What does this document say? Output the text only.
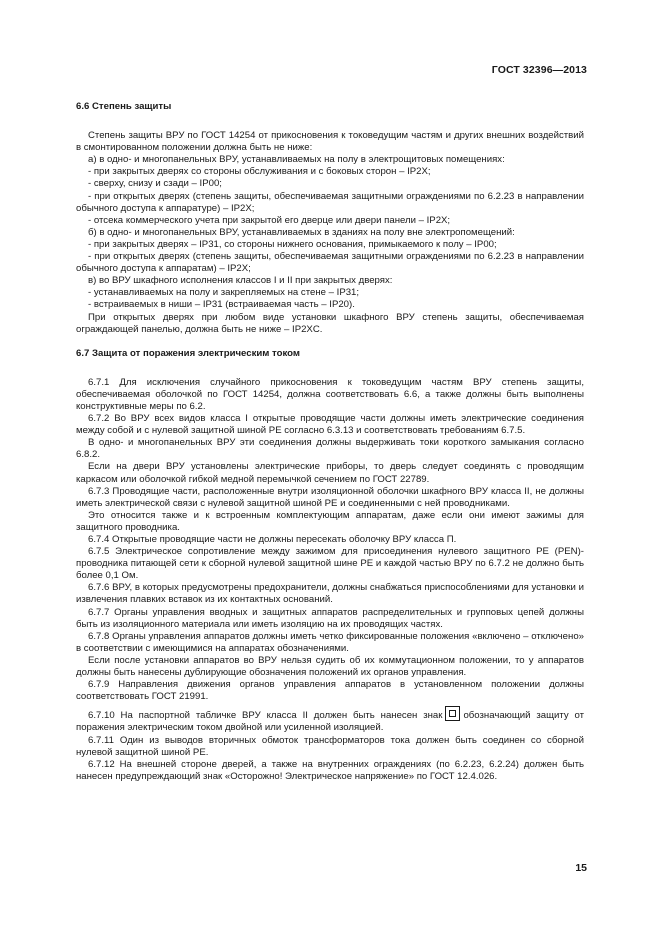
ГОСТ 32396—2013
6.6 Степень защиты

Степень защиты ВРУ по ГОСТ 14254 от прикосновения к токоведущим частям и других внешних воздействий в смонтированном положении должна быть не ниже:

а) в одно- и многопанельных ВРУ, устанавливаемых на полу в электрощитовых помещениях:

- при закрытых дверях со стороны обслуживания и с боковых сторон – IP2X;

- сверху, снизу и сзади – IP00;

- при открытых дверях (степень защиты, обеспечиваемая защитными ограждениями по 6.2.23 в направлении обычного доступа к аппаратуре) – IP2X;

- отсека коммерческого учета при закрытой его дверце или двери панели – IP2X;

б) в одно- и многопанельных ВРУ, устанавливаемых в зданиях на полу вне электропомещений:

- при закрытых дверях – IP31, со стороны нижнего основания, примыкаемого к полу – IP00;

- при открытых дверях (степень защиты, обеспечиваемая защитными ограждениями по 6.2.23 в направлении обычного доступа к аппаратам) – IP2X;

в) во ВРУ шкафного исполнения классов I и II при закрытых дверях:

- устанавливаемых на полу и закрепляемых на стене – IP31;

- встраиваемых в ниши – IP31 (встраиваемая часть – IP20).

При открытых дверях при любом виде установки шкафного ВРУ степень защиты, обеспечиваемая ограждающей панелью, должна быть не ниже – IP2XC.

6.7 Защита от поражения электрическим током

6.7.1 Для исключения случайного прикосновения к токоведущим частям ВРУ степень защиты, обеспечиваемая оболочкой по ГОСТ 14254, должна соответствовать 6.6, а также должны быть выполнены конструктивные меры по 6.2.

6.7.2 Во ВРУ всех видов класса I открытые проводящие части должны иметь электрические соединения между собой и с нулевой защитной шиной PE согласно 6.3.13 и соответствовать требованиям 6.7.5.

В одно- и многопанельных ВРУ эти соединения должны выдерживать токи короткого замыкания согласно 6.8.2.

Если на двери ВРУ установлены электрические приборы, то дверь следует соединять с проводящим каркасом или оболочкой гибкой медной перемычкой сечением по ГОСТ 22789.

6.7.3 Проводящие части, расположенные внутри изоляционной оболочки шкафного ВРУ класса II, не должны иметь электрической связи с нулевой защитной шиной PE и соединенными с ней проводниками.

Это относится также и к встроенным комплектующим аппаратам, даже если они имеют зажимы для защитного проводника.

6.7.4 Открытые проводящие части не должны пересекать оболочку ВРУ класса П.

6.7.5 Электрическое сопротивление между зажимом для присоединения нулевого защитного PE (PEN)-проводника питающей сети к сборной нулевой защитной шине PE и каждой частью ВРУ по 6.7.2 не должно быть более 0,1 Ом.

6.7.6 ВРУ, в которых предусмотрены предохранители, должны снабжаться приспособлениями для установки и извлечения плавких вставок из их контактных оснований.

6.7.7 Органы управления вводных и защитных аппаратов распределительных и групповых цепей должны быть из изоляционного материала или иметь изоляцию на их проводящих частях.

6.7.8 Органы управления аппаратов должны иметь четко фиксированные положения «включено – отключено» в соответствии с имеющимися на аппаратах обозначениями.

Если после установки аппаратов во ВРУ нельзя судить об их коммутационном положении, то у аппаратов должны быть нанесены дублирующие обозначения положений их органов управления.

6.7.9 Направления движения органов управления аппаратов в установленном положении должны соответствовать ГОСТ 21991.

6.7.10 На паспортной табличке ВРУ класса II должен быть нанесен знак обозначающий защиту от поражения электрическим током двойной или усиленной изоляцией.

6.7.11 Один из выводов вторичных обмоток трансформаторов тока должен быть соединен со сборной нулевой защитной шиной PE.

6.7.12 На внешней стороне дверей, а также на внутренних ограждениях (по 6.2.23, 6.2.24) должен быть нанесен предупреждающий знак «Осторожно! Электрическое напряжение» по ГОСТ 12.4.026.

15
